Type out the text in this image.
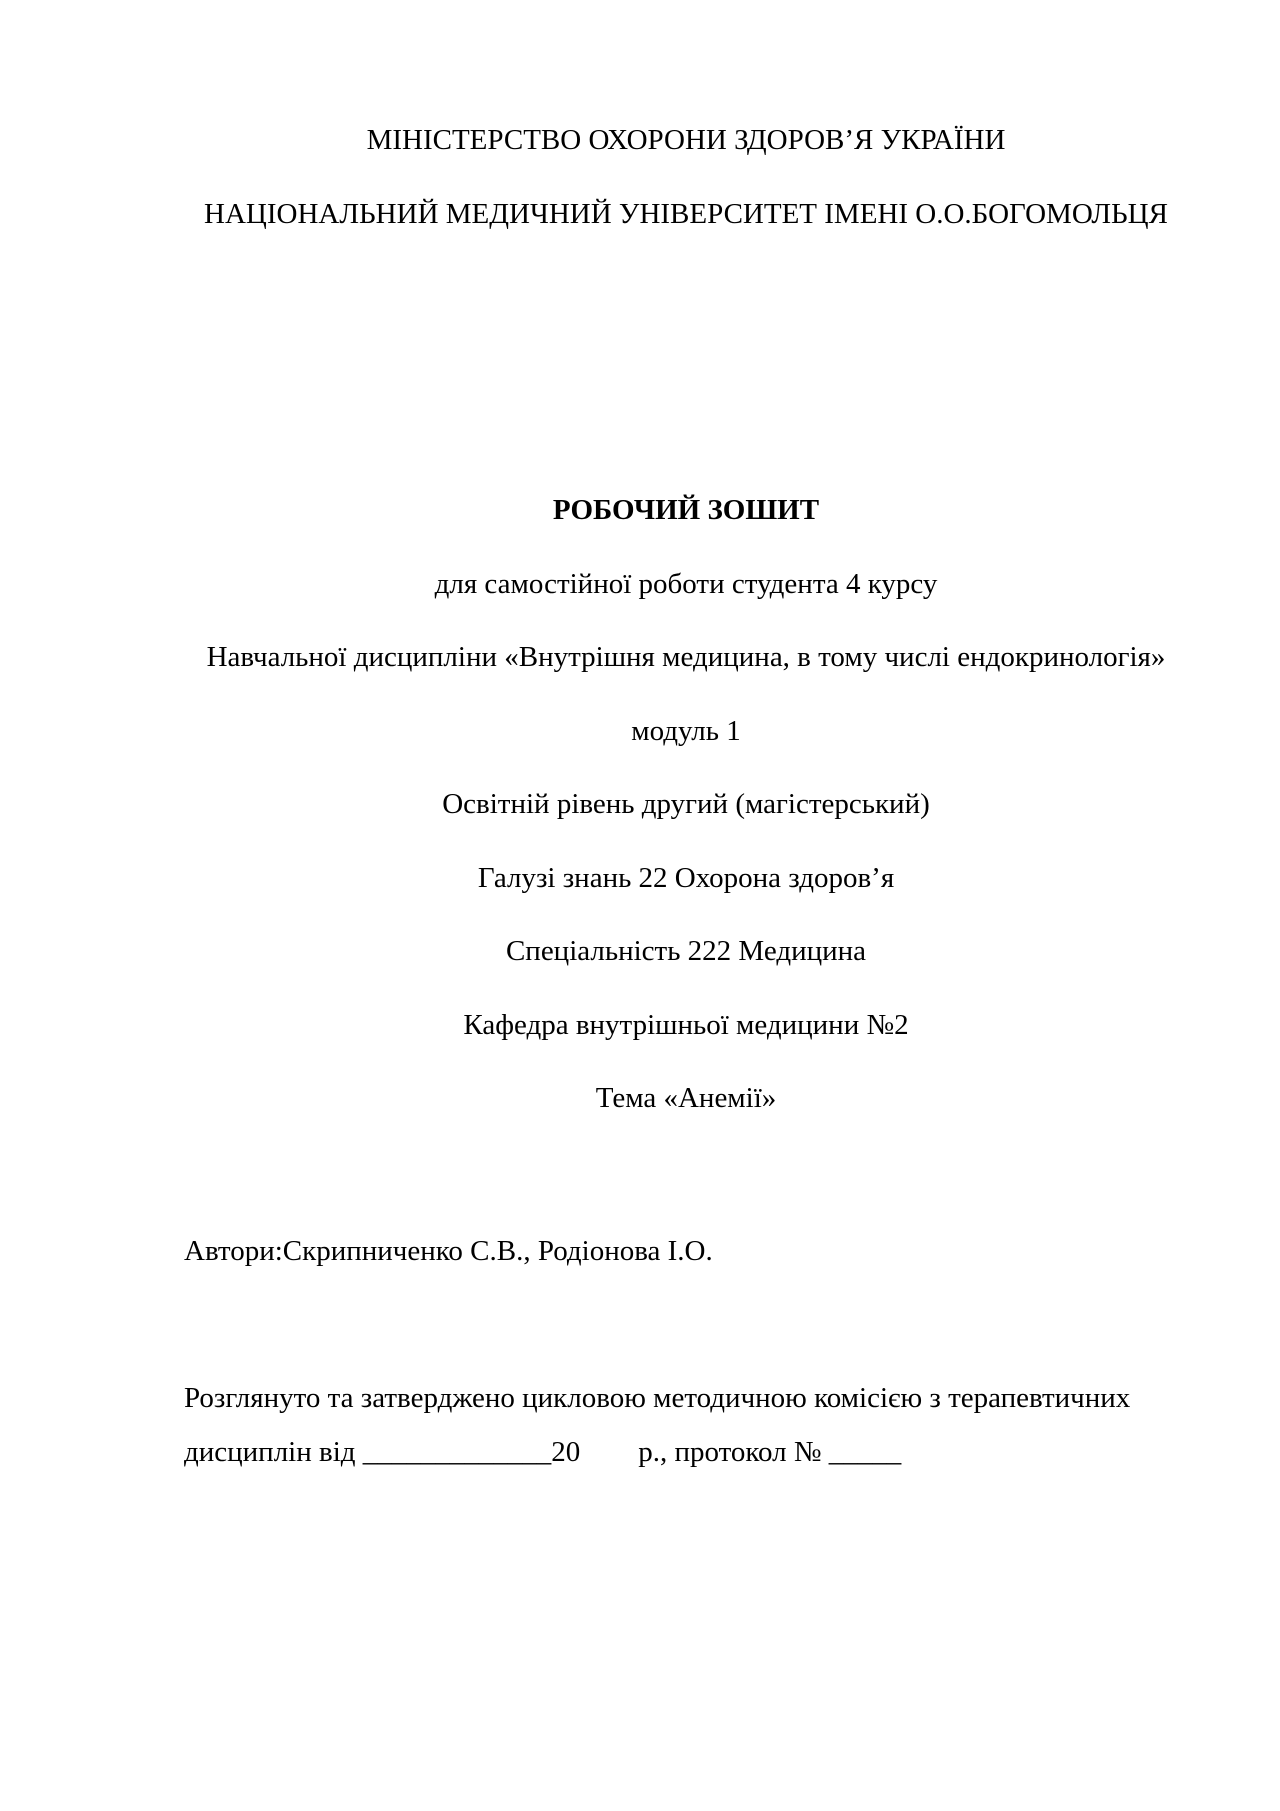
МІНІСТЕРСТВО ОХОРОНИ ЗДОРОВ’Я УКРАЇНИ

НАЦІОНАЛЬНИЙ МЕДИЧНИЙ УНІВЕРСИТЕТ ІМЕНІ О.О.БОГОМОЛЬЦЯ

РОБОЧИЙ ЗОШИТ

для самостійної роботи студента 4 курсу

Навчальної дисципліни «Внутрішня медицина, в тому числі ендокринологія»

модуль 1

Освітній рівень другий (магістерський)

Галузі знань 22 Охорона здоров’я

Спеціальність 222 Медицина

Кафедра внутрішньої медицини №2

Тема «Анемії»

Автори:Скрипниченко С.В., Родіонова І.О.

Розглянуто та затверджено цикловою методичною комісією з терапевтичних

дисциплін від _____________20        р., протокол № _____
